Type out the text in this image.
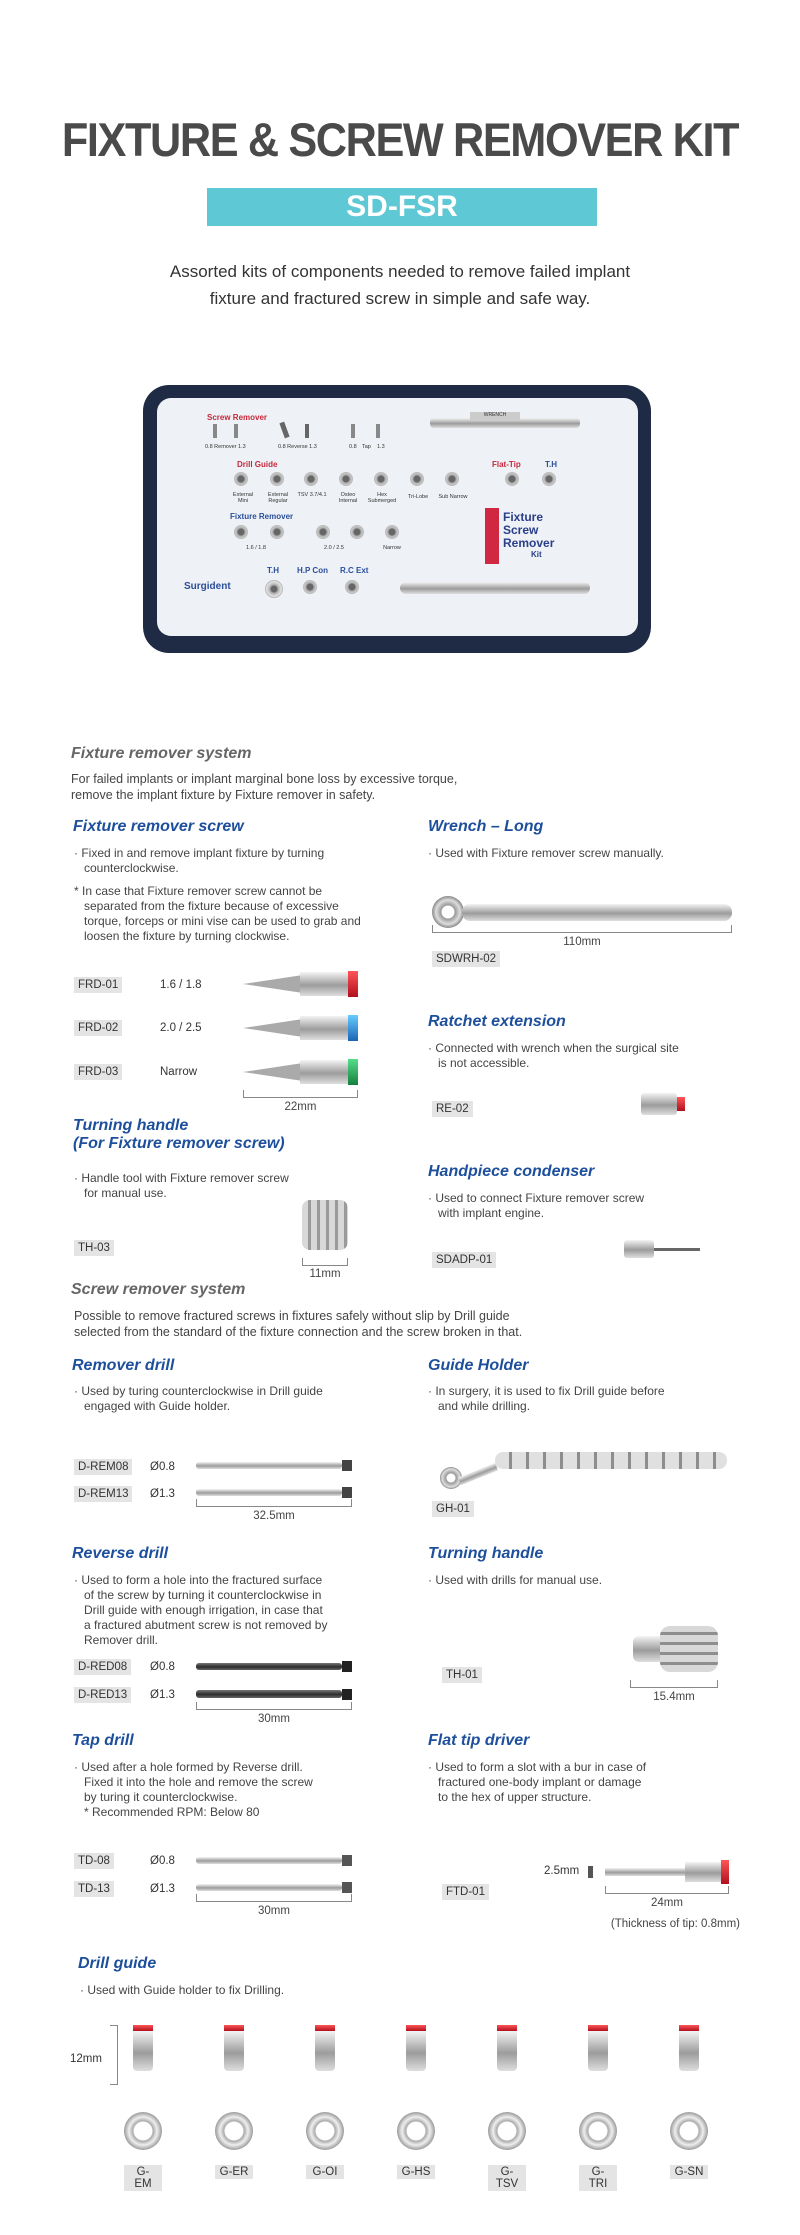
FIXTURE & SCREW REMOVER KIT
SD-FSR
Assorted kits of components needed to remove failed implant
fixture and fractured screw in simple and safe way.
Screw Remover
Drill Guide
Fixture Remover
Flat-Tip
T.H H.P Con R.C Ext
T.H
Surgident
0.8 Remover 1.3	0.8 Reverse 1.3	0.8 Tap 1.3
WRENCH
External Mini
External Regular
TSV 3.7/4.1	Osteo Internal
Hex Submerged
Tri-Lobe	Sub Narrow
1.6 / 1.8	2.0 / 2.5	Narrow
Fixture
Screw
Remover
Kit
Fixture remover system
For failed implants or implant marginal bone loss by excessive torque,
remove the implant fixture by Fixture remover in safety.
Fixture remover screw
· Fixed in and remove implant fixture by turning
counterclockwise.
* In case that Fixture remover screw cannot be
separated from the fixture because of excessive
torque, forceps or mini vise can be used to grab and
loosen the fixture by turning clockwise.
FRD-01	1.6 / 1.8
FRD-02	2.0 / 2.5
FRD-03	Narrow
22mm
Wrench – Long
· Used with Fixture remover screw manually.
110mm
SDWRH-02
Ratchet extension
· Connected with wrench when the surgical site
is not accessible.
RE-02
Turning handle
(For Fixture remover screw)
· Handle tool with Fixture remover screw
for manual use.
TH-03
11mm
Handpiece condenser
· Used to connect Fixture remover screw
with implant engine.
SDADP-01
Screw remover system
Possible to remove fractured screws in fixtures safely without slip by Drill guide
selected from the standard of the fixture connection and the screw broken in that.
Remover drill
· Used by turing counterclockwise in Drill guide
engaged with Guide holder.
D-REM08	Ø0.8
D-REM13	Ø1.3
32.5mm
Guide Holder
· In surgery, it is used to fix Drill guide before
and while drilling.
GH-01
Reverse drill
· Used to form a hole into the fractured surface
of the screw by turning it counterclockwise in
Drill guide with enough irrigation, in case that
a fractured abutment screw is not removed by
Remover drill.
D-RED08	Ø0.8
D-RED13	Ø1.3
30mm
Turning handle
· Used with drills for manual use.
TH-01
15.4mm
Tap drill
· Used after a hole formed by Reverse drill.
Fixed it into the hole and remove the screw
by turing it counterclockwise.
* Recommended RPM: Below 80
TD-08	Ø0.8
TD-13	Ø1.3
30mm
Flat tip driver
· Used to form a slot with a bur in case of
fractured one-body implant or damage
to the hex of upper structure.
2.5mm
FTD-01
24mm
(Thickness of tip: 0.8mm)
Drill guide
· Used with Guide holder to fix Drilling.
12mm
G-EM
G-ER	G-OI	G-HS	G-TSV
G-TRI
G-SN
